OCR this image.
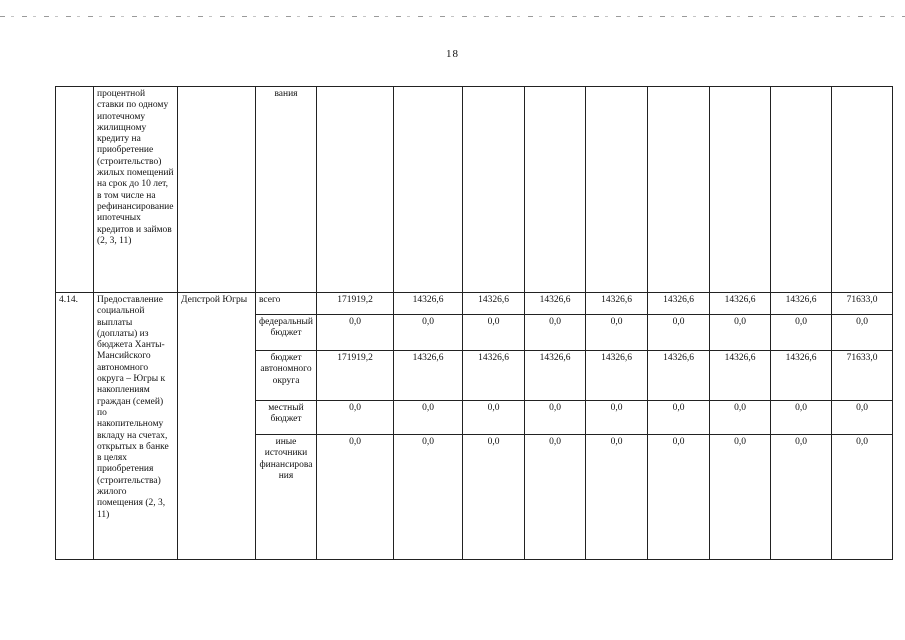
18
	процентной ставки по одному ипотечному жилищному кредиту на приобретение (строительство) жилых помещений на срок до 10 лет, в том числе на рефинансирование ипотечных кредитов и займов (2, 3, 11)		вания									
4.14.	Предоставление социальной выплаты (доплаты) из бюджета Ханты-Мансийского автономного округа – Югры к накоплениям граждан (семей) по накопительному вкладу на счетах, открытых в банке в целях приобретения (строительства) жилого помещения (2, 3, 11)	Депстрой Югры	всего	171919,2	14326,6	14326,6	14326,6	14326,6	14326,6	14326,6	14326,6	71633,0
			федеральный бюджет	0,0	0,0	0,0	0,0	0,0	0,0	0,0	0,0	0,0
			бюджет автономного округа	171919,2	14326,6	14326,6	14326,6	14326,6	14326,6	14326,6	14326,6	71633,0
			местный бюджет	0,0	0,0	0,0	0,0	0,0	0,0	0,0	0,0	0,0
			иные источники финансирования	0,0	0,0	0,0	0,0	0,0	0,0	0,0	0,0	0,0
